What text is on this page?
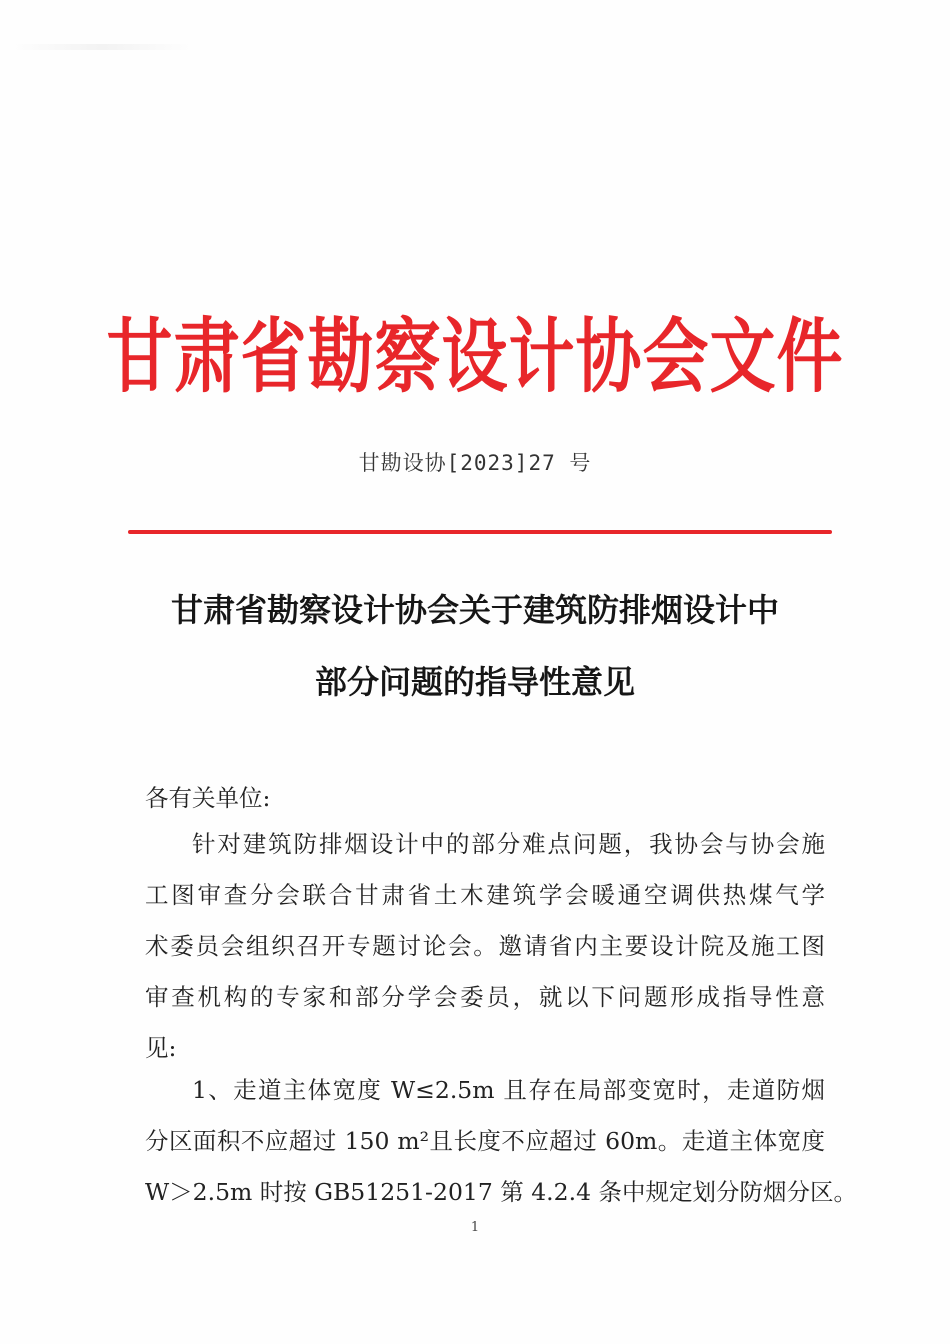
甘肃省勘察设计协会文件
甘勘设协[2023]27 号
甘肃省勘察设计协会关于建筑防排烟设计中
部分问题的指导性意见
各有关单位:
针对建筑防排烟设计中的部分难点问题，我协会与协会施
工图审查分会联合甘肃省土木建筑学会暖通空调供热煤气学
术委员会组织召开专题讨论会。邀请省内主要设计院及施工图
审查机构的专家和部分学会委员，就以下问题形成指导性意
见:
1、走道主体宽度 W≤2.5m 且存在局部变宽时，走道防烟
分区面积不应超过 150 m²且长度不应超过 60m。走道主体宽度
W＞2.5m 时按 GB51251-2017 第 4.2.4 条中规定划分防烟分区。
1
